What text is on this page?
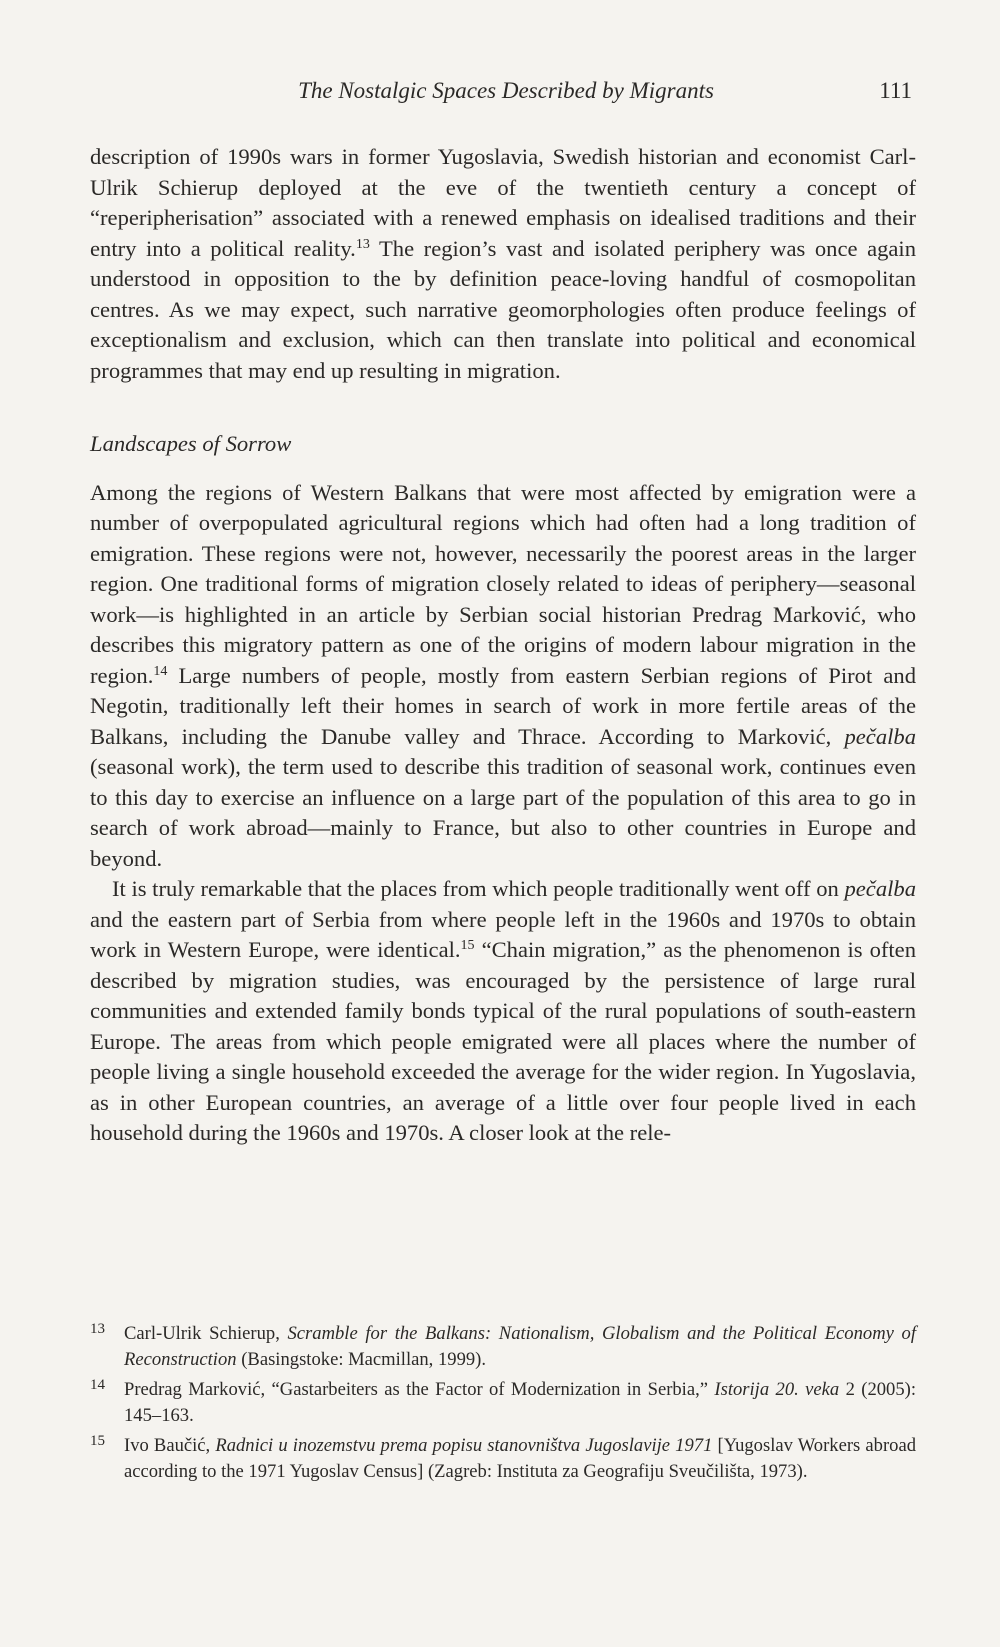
The Nostalgic Spaces Described by Migrants	111

description of 1990s wars in former Yugoslavia, Swedish historian and economist Carl-Ulrik Schierup deployed at the eve of the twentieth century a concept of “reperipherisation” associated with a renewed emphasis on idealised traditions and their entry into a political reality.$^{13}$ The region’s vast and isolated periphery was once again understood in opposition to the by definition peace-loving handful of cosmopolitan centres. As we may expect, such narrative geomorphologies often produce feelings of exceptionalism and exclusion, which can then translate into political and economical programmes that may end up resulting in migration.

Landscapes of Sorrow

Among the regions of Western Balkans that were most affected by emigration were a number of overpopulated agricultural regions which had often had a long tradition of emigration. These regions were not, however, necessarily the poorest areas in the larger region. One traditional forms of migration closely related to ideas of periphery—seasonal work—is highlighted in an article by Serbian social historian Predrag Marković, who describes this migratory pattern as one of the origins of modern labour migration in the region.$^{14}$ Large numbers of people, mostly from eastern Serbian regions of Pirot and Negotin, traditionally left their homes in search of work in more fertile areas of the Balkans, including the Danube valley and Thrace. According to Marković, pečalba (seasonal work), the term used to describe this tradition of seasonal work, continues even to this day to exercise an influence on a large part of the population of this area to go in search of work abroad—mainly to France, but also to other countries in Europe and beyond.

It is truly remarkable that the places from which people traditionally went off on pečalba and the eastern part of Serbia from where people left in the 1960s and 1970s to obtain work in Western Europe, were identical.$^{15}$ “Chain migration,” as the phenomenon is often described by migration studies, was encouraged by the persistence of large rural communities and extended family bonds typical of the rural populations of south-eastern Europe. The areas from which people emigrated were all places where the number of people living a single household exceeded the average for the wider region. In Yugoslavia, as in other European countries, an average of a little over four people lived in each household during the 1960s and 1970s. A closer look at the rele-

13 Carl-Ulrik Schierup, Scramble for the Balkans: Nationalism, Globalism and the Political Economy of Reconstruction (Basingstoke: Macmillan, 1999).
14 Predrag Marković, “Gastarbeiters as the Factor of Modernization in Serbia,” Istorija 20. veka 2 (2005): 145–163.
15 Ivo Baučić, Radnici u inozemstvu prema popisu stanovništva Jugoslavije 1971 [Yugoslav Workers abroad according to the 1971 Yugoslav Census] (Zagreb: Instituta za Geografiju Sveučilišta, 1973).
